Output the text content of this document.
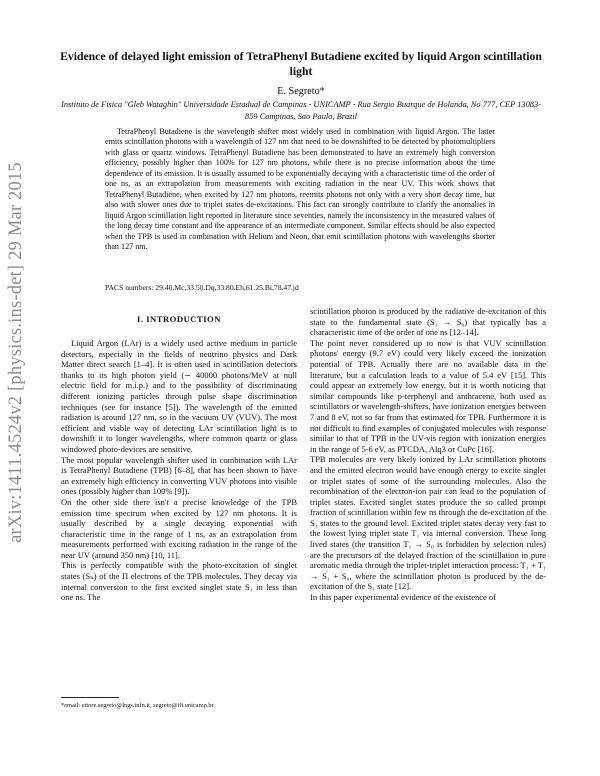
arXiv:1411.4524v2 [physics.ins-det] 29 Mar 2015
Evidence of delayed light emission of TetraPhenyl Butadiene excited by liquid Argon scintillation light
E. Segreto*
Instituto de Fisica "Gleb Wataghin" Universidade Estadual de Campinas - UNICAMP - Rua Sergio Buarque de Holanda, No 777, CEP 13083-859 Campinas, Sao Paulo, Brazil

TetraPhenyl Butadiene is the wavelength shifter most widely used in combination with liquid Argon. The latter emits scintillation photons with a wavelength of 127 nm that need to be downshifted to be detected by photomultipliers with glass or quartz windows. TetraPhenyl Butadiene has been demonstrated to have an extremely high conversion efficiency, possibly higher than 100% for 127 nm photons, while there is no precise information about the time dependence of its emission. It is usually assumed to be exponentially decaying with a characteristic time of the order of one ns, as an extrapolation from measurements with exciting radiation in the near UV. This work shows that TetraPhenyl Butadiene, when excited by 127 nm photons, reemits photons not only with a very short decay time, but also with slower ones due to triplet states de-excitations. This fact can strongly contribute to clarify the anomalies in liquid Argon scintillation light reported in literature since seventies, namely the inconsistency in the measured values of the long decay time constant and the appearance of an intermediate component. Similar effects should be also expected when the TPB is used in combination with Helium and Neon, that emit scintillation photons with wavelengths shorter than 127 nm.

PACS numbers: 29.40.Mc,33.50.Dq,33.80.Eh,61.25.Bi,78.47.jd
I. INTRODUCTION

Liquid Argon (LAr) is a widely used active medium in particle detectors, especially in the fields of neutrino physics and Dark Matter direct search [1–4]. It is often used in scintillation detectors thanks to its high photon yield (∼ 40000 photons/MeV at null electric field for m.i.p.) and to the possibility of discriminating different ionizing particles through pulse shape discrimination techniques (see for instance [5]). The wavelength of the emitted radiation is around 127 nm, so in the vacuum UV (VUV). The most efficient and viable way of detecting LAr scintillation light is to downshift it to longer wavelengths, where common quartz or glass windowed photo-devices are sensitive.

The most popular wavelength shifter used in combination with LAr is TetraPhenyl Butadiene (TPB) [6–8], that has been shown to have an extremely high efficiency in converting VUV photons into visible ones (possibly higher than 100% [9]).

On the other side there isn't a precise knowledge of the TPB emission time spectrum when excited by 127 nm photons. It is usually described by a single decaying exponential with characteristic time in the range of 1 ns, as an extrapolation from measurements performed with exciting radiation in the range of the near UV (around 350 nm) [10, 11].

This is perfectly compatible with the photo-excitation of singlet states (Sₙ) of the Π electrons of the TPB molecules. They decay via internal conversion to the first excited singlet state S₁ in less than one ns. The

scintillation photon is produced by the radiative de-excitation of this state to the fundamental state (S₁ → S₀) that typically has a characteristic time of the order of one ns [12–14].

The point never considered up to now is that VUV scintillation photons' energy (9.7 eV) could very likely exceed the ionization potential of TPB. Actually there are no available data in the literature, but a calculation leads to a value of 5.4 eV [15]. This could appear an extremely low energy, but it is worth noticing that similar compounds like p-terphenyl and anthracene, both used as scintillators or wavelength-shifters, have ionization energies between 7 and 8 eV, not so far from that estimated for TPB. Furthermore it is not difficult to find examples of conjugated molecules with response similar to that of TPB in the UV-vis region with ionization energies in the range of 5-6 eV, as PTCDA, Alq3 or CuPc [16].

TPB molecules are very likely ionized by LAr scintillation photons and the emitted electron would have enough energy to excite singlet or triplet states of some of the surrounding molecules. Also the recombination of the electron-ion pair can lead to the population of triplet states. Excited singlet states produce the so called prompt fraction of scintillation within few ns through the de-excitation of the S₁ states to the ground level. Excited triplet states decay very fast to the lowest lying triplet state T₁ via internal conversion. These long lived states (the transition T₁ → S₀ is forbidden by selection rules) are the precursors of the delayed fraction of the scintillation in pure aromatic media through the triplet-triplet interaction process: T₁ + T₁ → S₁ + S₀, where the scintillation photon is produced by the de-excitation of the S₁ state [12].

In this paper experimental evidence of the existence of

*email: ettore.segreto@lngs.infn.it, segreto@ifi.unicamp.br
